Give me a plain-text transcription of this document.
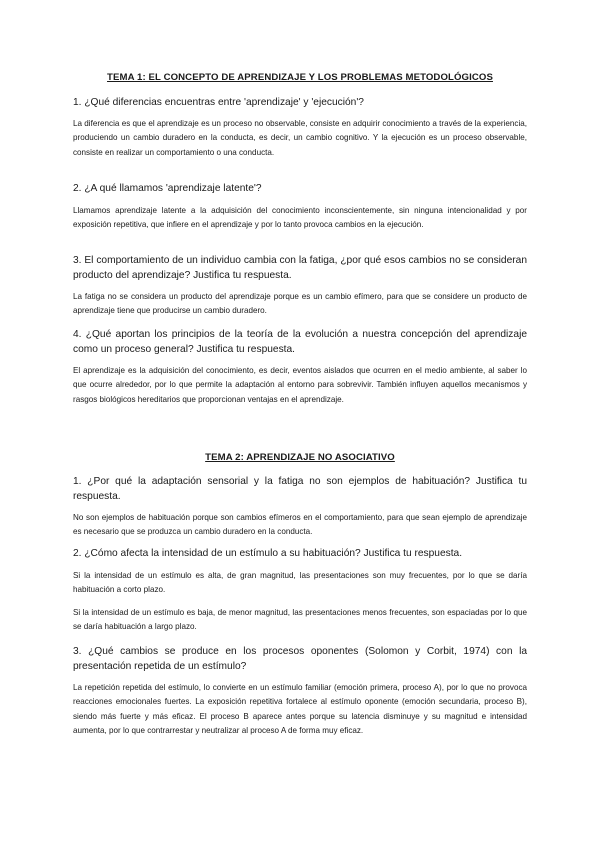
TEMA 1: EL CONCEPTO DE APRENDIZAJE Y LOS PROBLEMAS METODOLÓGICOS

1. ¿Qué diferencias encuentras entre 'aprendizaje' y 'ejecución'?

La diferencia es que el aprendizaje es un proceso no observable, consiste en adquirir conocimiento a través de la experiencia, produciendo un cambio duradero en la conducta, es decir, un cambio cognitivo. Y la ejecución es un proceso observable, consiste en realizar un comportamiento o una conducta.

2. ¿A qué llamamos 'aprendizaje latente'?

Llamamos aprendizaje latente a la adquisición del conocimiento inconscientemente, sin ninguna intencionalidad y por exposición repetitiva, que infiere en el aprendizaje y por lo tanto provoca cambios en la ejecución.

3. El comportamiento de un individuo cambia con la fatiga, ¿por qué esos cambios no se consideran producto del aprendizaje? Justifica tu respuesta.

La fatiga no se considera un producto del aprendizaje porque es un cambio efímero, para que se considere un producto de aprendizaje tiene que producirse un cambio duradero.

4. ¿Qué aportan los principios de la teoría de la evolución a nuestra concepción del aprendizaje como un proceso general? Justifica tu respuesta.

El aprendizaje es la adquisición del conocimiento, es decir, eventos aislados que ocurren en el medio ambiente, al saber lo que ocurre alrededor, por lo que permite la adaptación al entorno para sobrevivir. También influyen aquellos mecanismos y rasgos biológicos hereditarios que proporcionan ventajas en el aprendizaje.

TEMA 2: APRENDIZAJE NO ASOCIATIVO

1. ¿Por qué la adaptación sensorial y la fatiga no son ejemplos de habituación? Justifica tu respuesta.

No son ejemplos de habituación porque son cambios efímeros en el comportamiento, para que sean ejemplo de aprendizaje es necesario que se produzca un cambio duradero en la conducta.

2. ¿Cómo afecta la intensidad de un estímulo a su habituación? Justifica tu respuesta.

Si la intensidad de un estímulo es alta, de gran magnitud, las presentaciones son muy frecuentes, por lo que se daría habituación a corto plazo.

Si la intensidad de un estímulo es baja, de menor magnitud, las presentaciones menos frecuentes, son espaciadas por lo que se daría habituación a largo plazo.

3. ¿Qué cambios se produce en los procesos oponentes (Solomon y Corbit, 1974) con la presentación repetida de un estímulo?

La repetición repetida del estímulo, lo convierte en un estímulo familiar (emoción primera, proceso A), por lo que no provoca reacciones emocionales fuertes. La exposición repetitiva fortalece al estímulo oponente (emoción secundaria, proceso B), siendo más fuerte y más eficaz. El proceso B aparece antes porque su latencia disminuye y su magnitud e intensidad aumenta, por lo que contrarrestar y neutralizar al proceso A de forma muy eficaz.
